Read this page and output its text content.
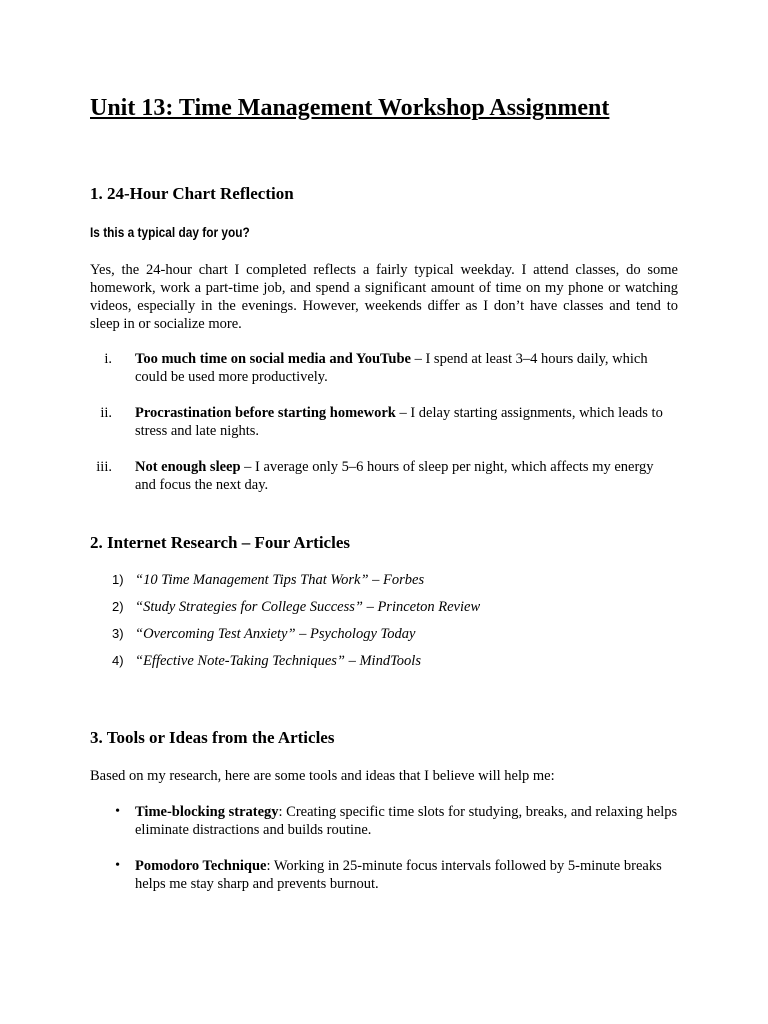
Unit 13: Time Management Workshop Assignment
1. 24-Hour Chart Reflection

Is this a typical day for you?

Yes, the 24-hour chart I completed reflects a fairly typical weekday. I attend classes, do some homework, work a part-time job, and spend a significant amount of time on my phone or watching videos, especially in the evenings. However, weekends differ as I don’t have classes and tend to sleep in or socialize more.

i. Too much time on social media and YouTube – I spend at least 3–4 hours daily, which could be used more productively.
ii. Procrastination before starting homework – I delay starting assignments, which leads to stress and late nights.
iii. Not enough sleep – I average only 5–6 hours of sleep per night, which affects my energy and focus the next day.
2. Internet Research – Four Articles
1) “10 Time Management Tips That Work” – Forbes
2) “Study Strategies for College Success” – Princeton Review
3) “Overcoming Test Anxiety” – Psychology Today
4) “Effective Note-Taking Techniques” – MindTools
3. Tools or Ideas from the Articles

Based on my research, here are some tools and ideas that I believe will help me:

• Time-blocking strategy: Creating specific time slots for studying, breaks, and relaxing helps eliminate distractions and builds routine.
• Pomodoro Technique: Working in 25-minute focus intervals followed by 5-minute breaks helps me stay sharp and prevents burnout.
